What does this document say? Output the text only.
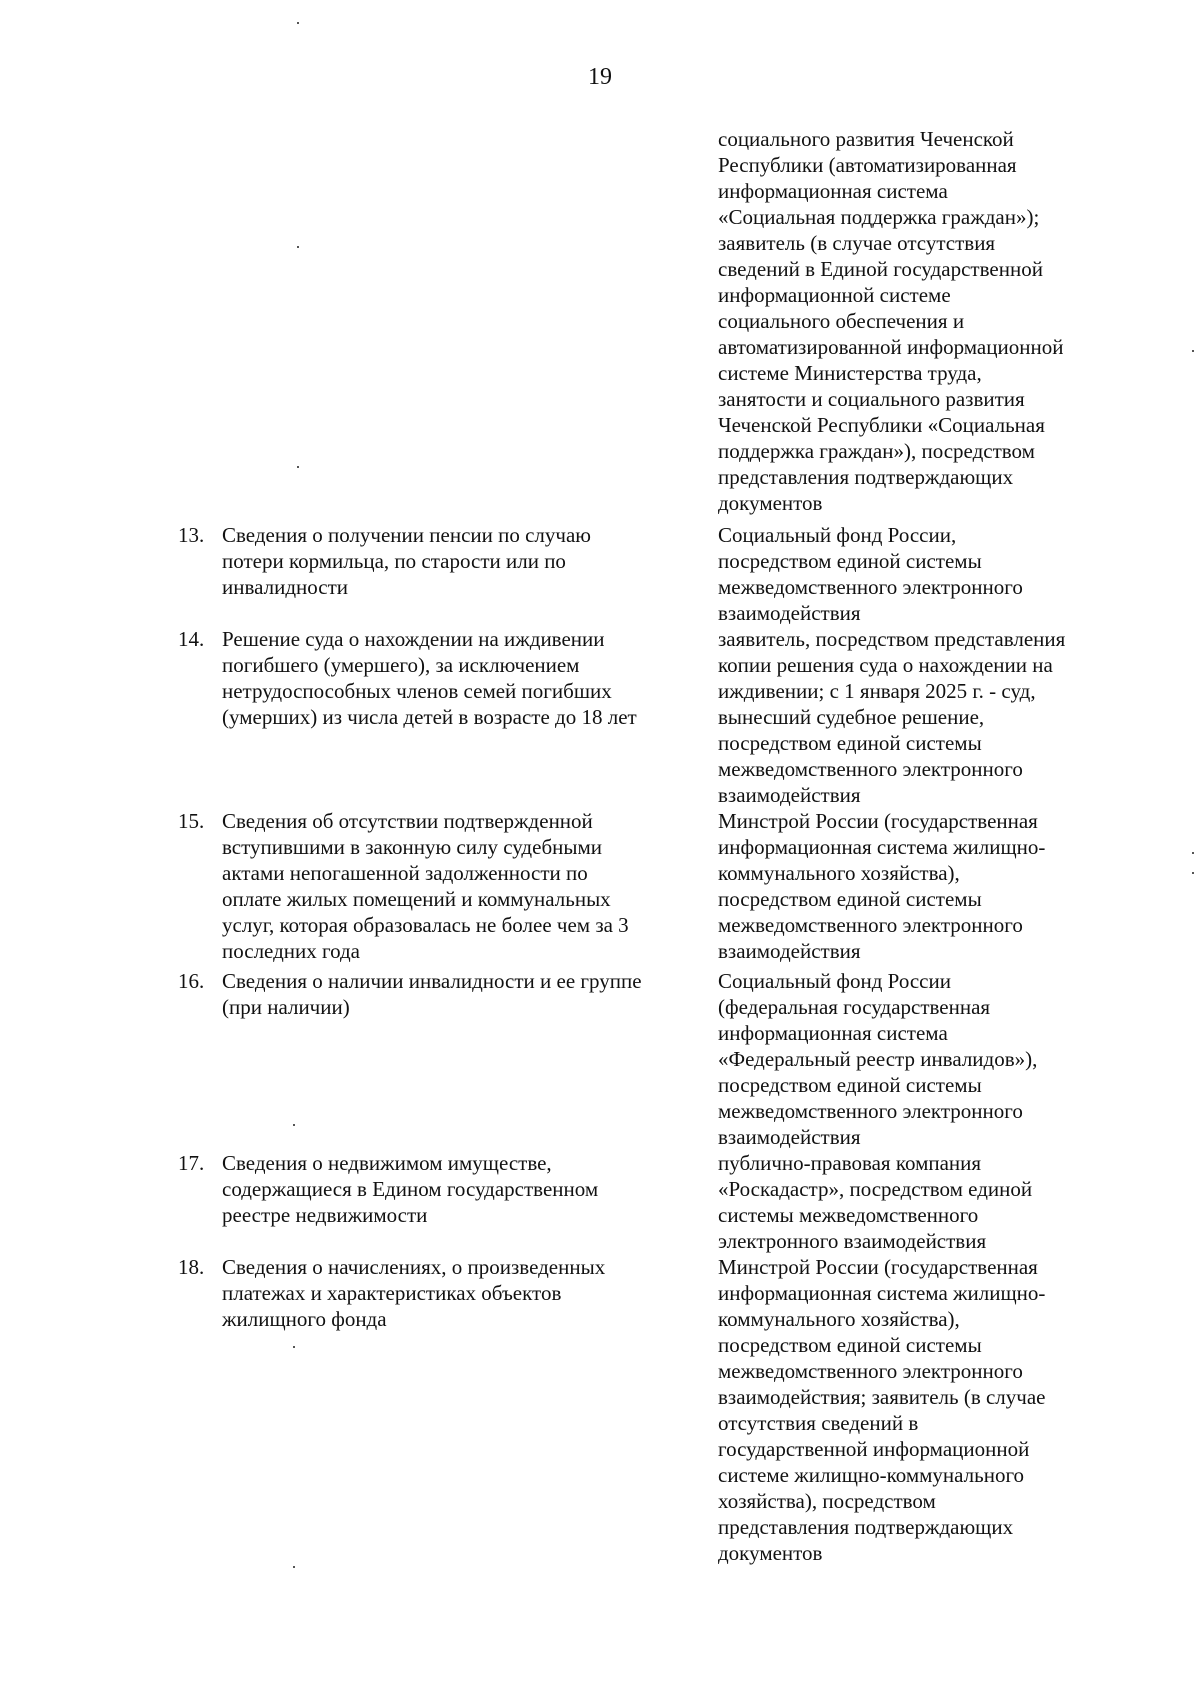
19
социального развития Чеченской
Республики (автоматизированная
информационная система
«Социальная поддержка граждан»);
заявитель (в случае отсутствия
сведений в Единой государственной
информационной системе
социального обеспечения и
автоматизированной информационной
системе Министерства труда,
занятости и социального развития
Чеченской Республики «Социальная
поддержка граждан»), посредством
представления подтверждающих
документов
13. Сведения о получении пенсии по случаю
потери кормильца, по старости или по
инвалидности
Социальный фонд России,
посредством единой системы
межведомственного электронного
взаимодействия
14. Решение суда о нахождении на иждивении
погибшего (умершего), за исключением
нетрудоспособных членов семей погибших
(умерших) из числа детей в возрасте до 18 лет
заявитель, посредством представления
копии решения суда о нахождении на
иждивении; с 1 января 2025 г. - суд,
вынесший судебное решение,
посредством единой системы
межведомственного электронного
взаимодействия
15. Сведения об отсутствии подтвержденной
вступившими в законную силу судебными
актами непогашенной задолженности по
оплате жилых помещений и коммунальных
услуг, которая образовалась не более чем за 3
последних года
Минстрой России (государственная
информационная система жилищно-
коммунального хозяйства),
посредством единой системы
межведомственного электронного
взаимодействия
16. Сведения о наличии инвалидности и ее группе
(при наличии)
Социальный фонд России
(федеральная государственная
информационная система
«Федеральный реестр инвалидов»),
посредством единой системы
межведомственного электронного
взаимодействия
17. Сведения о недвижимом имуществе,
содержащиеся в Едином государственном
реестре недвижимости
публично-правовая компания
«Роскадастр», посредством единой
системы межведомственного
электронного взаимодействия
18. Сведения о начислениях, о произведенных
платежах и характеристиках объектов
жилищного фонда
Минстрой России (государственная
информационная система жилищно-
коммунального хозяйства),
посредством единой системы
межведомственного электронного
взаимодействия; заявитель (в случае
отсутствия сведений в
государственной информационной
системе жилищно-коммунального
хозяйства), посредством
представления подтверждающих
документов
